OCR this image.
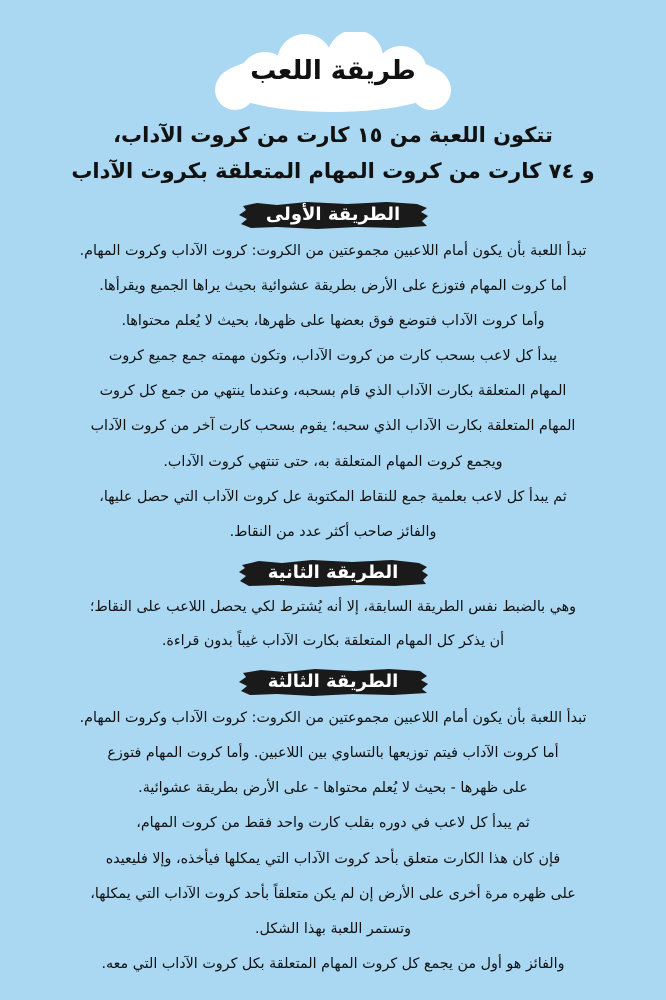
طريقة اللعب
تتكون اللعبة من ١٥ كارت من كروت الآداب،
و ٧٤ كارت من كروت المهام المتعلقة بكروت الآداب
الطريقة الأولى
تبدأ اللعبة بأن يكون أمام اللاعبين مجموعتين من الكروت: كروت الآداب وكروت المهام.
أما كروت المهام فتوزع على الأرض بطريقة عشوائية بحيث يراها الجميع ويقرأها.
وأما كروت الآداب فتوضع فوق بعضها على ظهرها، بحيث لا يُعلم محتواها.
يبدأ كل لاعب بسحب كارت من كروت الآداب، وتكون مهمته جمع جميع كروت
المهام المتعلقة بكارت الآداب الذي قام بسحبه، وعندما ينتهي من جمع كل كروت
المهام المتعلقة بكارت الآداب الذي سحبه؛ يقوم بسحب كارت آخر من كروت الآداب
ويجمع كروت المهام المتعلقة به، حتى تنتهي كروت الآداب.
ثم يبدأ كل لاعب بعلمية جمع للنقاط المكتوبة عل كروت الآداب التي حصل عليها،
والفائز صاحب أكثر عدد من النقاط.
الطريقة الثانية
وهي بالضبط نفس الطريقة السابقة، إلا أنه يُشترط لكي يحصل اللاعب على النقاط؛
أن يذكر كل المهام المتعلقة بكارت الآداب غيباً بدون قراءة.
الطريقة الثالثة
تبدأ اللعبة بأن يكون أمام اللاعبين مجموعتين من الكروت: كروت الآداب وكروت المهام.
أما كروت الآداب فيتم توزيعها بالتساوي بين اللاعبين. وأما كروت المهام فتوزع
على ظهرها - بحيث لا يُعلم محتواها - على الأرض بطريقة عشوائية.
ثم يبدأ كل لاعب في دوره بقلب كارت واحد فقط من كروت المهام،
فإن كان هذا الكارت متعلق بأحد كروت الآداب التي يمكلها فيأخذه، وإلا فليعيده
على ظهره مرة أخرى على الأرض إن لم يكن متعلقاً بأحد كروت الآداب التي يمكلها،
وتستمر اللعبة بهذا الشكل.
والفائز هو أول من يجمع كل كروت المهام المتعلقة بكل كروت الآداب التي معه.
